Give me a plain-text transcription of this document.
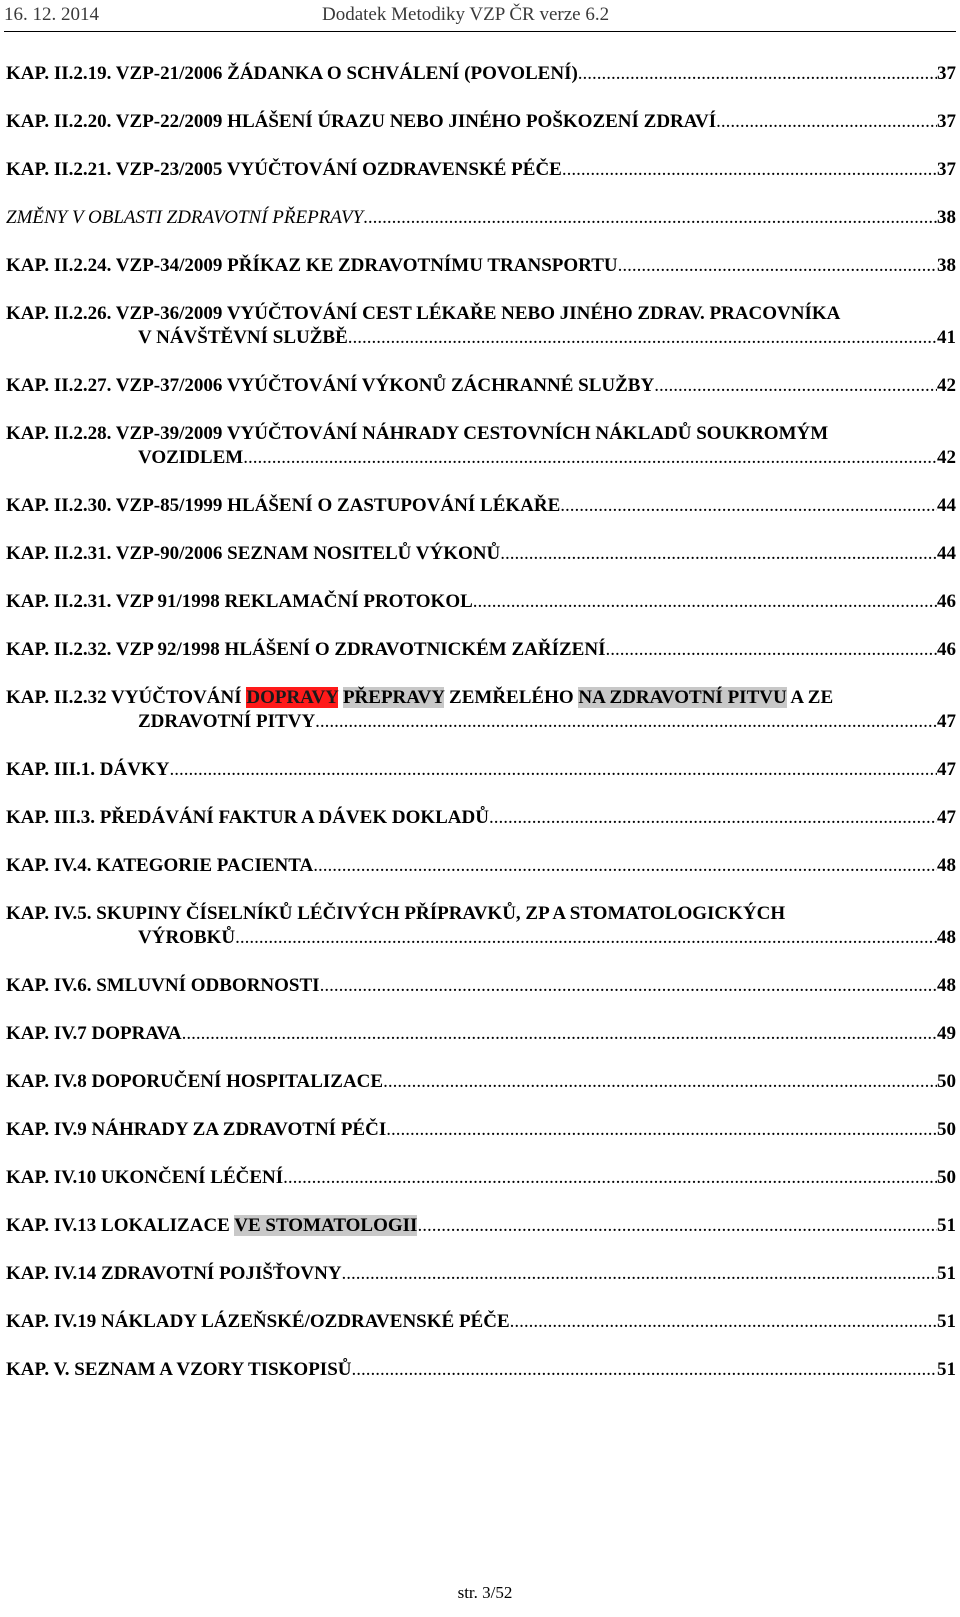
16. 12. 2014	Dodatek Metodiky VZP ČR verze 6.2
KAP. II.2.19. VZP-21/2006 ŽÁDANKA O SCHVÁLENÍ (POVOLENÍ) .....	37
KAP. II.2.20. VZP-22/2009 HLÁŠENÍ ÚRAZU NEBO JINÉHO POŠKOZENÍ ZDRAVÍ .....	37
KAP. II.2.21. VZP-23/2005 VYÚČTOVÁNÍ OZDRAVENSKÉ PÉČE .....	37
ZMĚNY V OBLASTI ZDRAVOTNÍ PŘEPRAVY .....	38
KAP. II.2.24. VZP-34/2009 PŘÍKAZ KE ZDRAVOTNÍMU TRANSPORTU .....	38
KAP. II.2.26. VZP-36/2009 VYÚČTOVÁNÍ CEST LÉKAŘE NEBO JINÉHO ZDRAV. PRACOVNÍKA
V NÁVŠTĚVNÍ SLUŽBĚ .....	41
KAP. II.2.27. VZP-37/2006 VYÚČTOVÁNÍ VÝKONŮ ZÁCHRANNÉ SLUŽBY .....	42
KAP. II.2.28. VZP-39/2009 VYÚČTOVÁNÍ NÁHRADY CESTOVNÍCH NÁKLADŮ SOUKROMÝM
VOZIDLEM .....	42
KAP. II.2.30. VZP-85/1999 HLÁŠENÍ O ZASTUPOVÁNÍ LÉKAŘE .....	44
KAP. II.2.31. VZP-90/2006 SEZNAM NOSITELŮ VÝKONŮ .....	44
KAP. II.2.31. VZP 91/1998 REKLAMAČNÍ PROTOKOL .....	46
KAP. II.2.32. VZP 92/1998 HLÁŠENÍ O ZDRAVOTNICKÉM ZAŘÍZENÍ .....	46
KAP. II.2.32 VYÚČTOVÁNÍ DOPRAVY PŘEPRAVY ZEMŘELÉHO NA ZDRAVOTNÍ PITVU A ZE
ZDRAVOTNÍ PITVY .....	47
KAP. III.1. DÁVKY .....	47
KAP. III.3. PŘEDÁVÁNÍ FAKTUR A DÁVEK DOKLADŮ .....	47
KAP. IV.4. KATEGORIE PACIENTA .....	48
KAP. IV.5. SKUPINY ČÍSELNÍKŮ LÉČIVÝCH PŘÍPRAVKŮ, ZP A STOMATOLOGICKÝCH
VÝROBKŮ .....	48
KAP. IV.6. SMLUVNÍ ODBORNOSTI .....	48
KAP. IV.7 DOPRAVA .....	49
KAP. IV.8 DOPORUČENÍ HOSPITALIZACE .....	50
KAP. IV.9 NÁHRADY ZA ZDRAVOTNÍ PÉČI .....	50
KAP. IV.10 UKONČENÍ LÉČENÍ .....	50
KAP. IV.13 LOKALIZACE VE STOMATOLOGII .....	51
KAP. IV.14 ZDRAVOTNÍ POJIŠŤOVNY .....	51
KAP. IV.19 NÁKLADY LÁZEŇSKÉ/OZDRAVENSKÉ PÉČE .....	51
KAP. V. SEZNAM A VZORY TISKOPISŮ .....	51
str. 3/52
